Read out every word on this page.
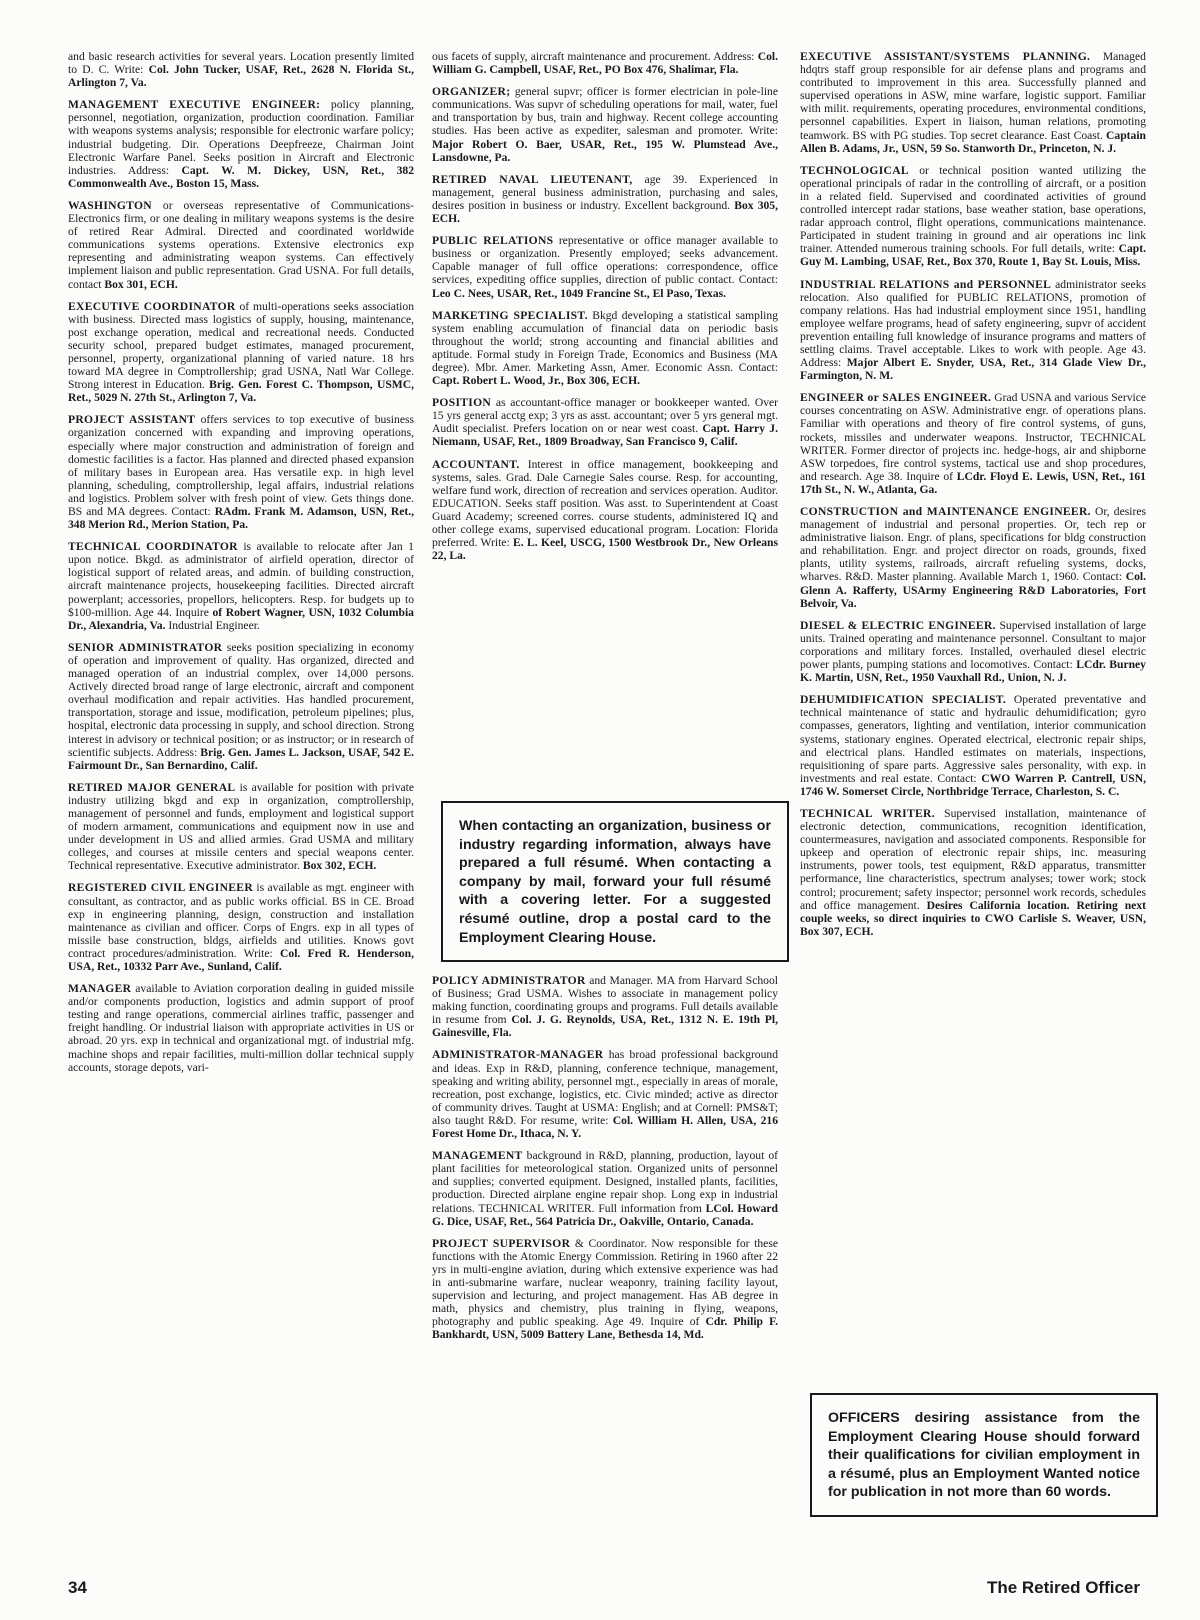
and basic research activities for several years. Location presently limited to D. C. Write: Col. John Tucker, USAF, Ret., 2628 N. Florida St., Arlington 7, Va.

MANAGEMENT EXECUTIVE ENGINEER: policy planning, personnel, negotiation, organization, production coordination. Familiar with weapons systems analysis; responsible for electronic warfare policy; industrial budgeting. Dir. Operations Deepfreeze, Chairman Joint Electronic Warfare Panel. Seeks position in Aircraft and Electronic industries. Address: Capt. W. M. Dickey, USN, Ret., 382 Commonwealth Ave., Boston 15, Mass.

WASHINGTON or overseas representative of Communications-Electronics firm, or one dealing in military weapons systems is the desire of retired Rear Admiral. Directed and coordinated worldwide communications systems operations. Extensive electronics exp representing and administrating weapon systems. Can effectively implement liaison and public representation. Grad USNA. For full details, contact Box 301, ECH.

EXECUTIVE COORDINATOR of multi-operations seeks association with business. Directed mass logistics of supply, housing, maintenance, post exchange operation, medical and recreational needs. Conducted security school, prepared budget estimates, managed procurement, personnel, property, organizational planning of varied nature. 18 hrs toward MA degree in Comptrollership; grad USNA, Natl War College. Strong interest in Education. Brig. Gen. Forest C. Thompson, USMC, Ret., 5029 N. 27th St., Arlington 7, Va.

PROJECT ASSISTANT offers services to top executive of business organization concerned with expanding and improving operations, especially where major construction and administration of foreign and domestic facilities is a factor. Has planned and directed phased expansion of military bases in European area. Has versatile exp. in high level planning, scheduling, comptrollership, legal affairs, industrial relations and logistics. Problem solver with fresh point of view. Gets things done. BS and MA degrees. Contact: RAdm. Frank M. Adamson, USN, Ret., 348 Merion Rd., Merion Station, Pa.

TECHNICAL COORDINATOR is available to relocate after Jan 1 upon notice. Bkgd. as administrator of airfield operation, director of logistical support of related areas, and admin. of building construction, aircraft maintenance projects, housekeeping facilities. Directed aircraft powerplant; accessories, propellors, helicopters. Resp. for budgets up to $100-million. Age 44. Inquire of Robert Wagner, USN, 1032 Columbia Dr., Alexandria, Va. Industrial Engineer.

SENIOR ADMINISTRATOR seeks position specializing in economy of operation and improvement of quality. Has organized, directed and managed operation of an industrial complex, over 14,000 persons. Actively directed broad range of large electronic, aircraft and component overhaul modification and repair activities. Has handled procurement, transportation, storage and issue, modification, petroleum pipelines; plus, hospital, electronic data processing in supply, and school direction. Strong interest in advisory or technical position; or as instructor; or in research of scientific subjects. Address: Brig. Gen. James L. Jackson, USAF, 542 E. Fairmount Dr., San Bernardino, Calif.

RETIRED MAJOR GENERAL is available for position with private industry utilizing bkgd and exp in organization, comptrollership, management of personnel and funds, employment and logistical support of modern armament, communications and equipment now in use and under development in US and allied armies. Grad USMA and military colleges, and courses at missile centers and special weapons center. Technical representative. Executive administrator. Box 302, ECH.

REGISTERED CIVIL ENGINEER is available as mgt. engineer with consultant, as contractor, and as public works official. BS in CE. Broad exp in engineering planning, design, construction and installation maintenance as civilian and officer. Corps of Engrs. exp in all types of missile base construction, bldgs, airfields and utilities. Knows govt contract procedures/administration. Write: Col. Fred R. Henderson, USA, Ret., 10332 Parr Ave., Sunland, Calif.

MANAGER available to Aviation corporation dealing in guided missile and/or components production, logistics and admin support of proof testing and range operations, commercial airlines traffic, passenger and freight handling. Or industrial liaison with appropriate activities in US or abroad. 20 yrs. exp in technical and organizational mgt. of industrial mfg. machine shops and repair facilities, multi-million dollar technical supply accounts, storage depots, vari-

ous facets of supply, aircraft maintenance and procurement. Address: Col. William G. Campbell, USAF, Ret., PO Box 476, Shalimar, Fla.

ORGANIZER; general supvr; officer is former electrician in pole-line communications. Was supvr of scheduling operations for mail, water, fuel and transportation by bus, train and highway. Recent college accounting studies. Has been active as expediter, salesman and promoter. Write: Major Robert O. Baer, USAR, Ret., 195 W. Plumstead Ave., Lansdowne, Pa.

RETIRED NAVAL LIEUTENANT, age 39. Experienced in management, general business administration, purchasing and sales, desires position in business or industry. Excellent background. Box 305, ECH.

PUBLIC RELATIONS representative or office manager available to business or organization. Presently employed; seeks advancement. Capable manager of full office operations: correspondence, office services, expediting office supplies, direction of public contact. Contact: Leo C. Nees, USAR, Ret., 1049 Francine St., El Paso, Texas.

MARKETING SPECIALIST. Bkgd developing a statistical sampling system enabling accumulation of financial data on periodic basis throughout the world; strong accounting and financial abilities and aptitude. Formal study in Foreign Trade, Economics and Business (MA degree). Mbr. Amer. Marketing Assn, Amer. Economic Assn. Contact: Capt. Robert L. Wood, Jr., Box 306, ECH.

POSITION as accountant-office manager or bookkeeper wanted. Over 15 yrs general acctg exp; 3 yrs as asst. accountant; over 5 yrs general mgt. Audit specialist. Prefers location on or near west coast. Capt. Harry J. Niemann, USAF, Ret., 1809 Broadway, San Francisco 9, Calif.

ACCOUNTANT. Interest in office management, bookkeeping and systems, sales. Grad. Dale Carnegie Sales course. Resp. for accounting, welfare fund work, direction of recreation and services operation. Auditor. EDUCATION. Seeks staff position. Was asst. to Superintendent at Coast Guard Academy; screened corres. course students, administered IQ and other college exams, supervised educational program. Location: Florida preferred. Write: E. L. Keel, USCG, 1500 Westbrook Dr., New Orleans 22, La.

POLICY ADMINISTRATOR and Manager. MA from Harvard School of Business; Grad USMA. Wishes to associate in management policy making function, coordinating groups and programs. Full details available in resume from Col. J. G. Reynolds, USA, Ret., 1312 N. E. 19th Pl, Gainesville, Fla.

ADMINISTRATOR-MANAGER has broad professional background and ideas. Exp in R&D, planning, conference technique, management, speaking and writing ability, personnel mgt., especially in areas of morale, recreation, post exchange, logistics, etc. Civic minded; active as director of community drives. Taught at USMA: English; and at Cornell: PMS&T; also taught R&D. For resume, write: Col. William H. Allen, USA, 216 Forest Home Dr., Ithaca, N. Y.

MANAGEMENT background in R&D, planning, production, layout of plant facilities for meteorological station. Organized units of personnel and supplies; converted equipment. Designed, installed plants, facilities, production. Directed airplane engine repair shop. Long exp in industrial relations. TECHNICAL WRITER. Full information from LCol. Howard G. Dice, USAF, Ret., 564 Patricia Dr., Oakville, Ontario, Canada.

PROJECT SUPERVISOR & Coordinator. Now responsible for these functions with the Atomic Energy Commission. Retiring in 1960 after 22 yrs in multi-engine aviation, during which extensive experience was had in anti-submarine warfare, nuclear weaponry, training facility layout, supervision and lecturing, and project management. Has AB degree in math, physics and chemistry, plus training in flying, weapons, photography and public speaking. Age 49. Inquire of Cdr. Philip F. Bankhardt, USN, 5009 Battery Lane, Bethesda 14, Md.

EXECUTIVE ASSISTANT/SYSTEMS PLANNING. Managed hdqtrs staff group responsible for air defense plans and programs and contributed to improvement in this area. Successfully planned and supervised operations in ASW, mine warfare, logistic support. Familiar with milit. requirements, operating procedures, environmental conditions, personnel capabilities. Expert in liaison, human relations, promoting teamwork. BS with PG studies. Top secret clearance. East Coast. Captain Allen B. Adams, Jr., USN, 59 So. Stanworth Dr., Princeton, N. J.

TECHNOLOGICAL or technical position wanted utilizing the operational principals of radar in the controlling of aircraft, or a position in a related field. Supervised and coordinated activities of ground controlled intercept radar stations, base weather station, base operations, radar approach control, flight operations, communications maintenance. Participated in student training in ground and air operations inc link trainer. Attended numerous training schools. For full details, write: Capt. Guy M. Lambing, USAF, Ret., Box 370, Route 1, Bay St. Louis, Miss.

INDUSTRIAL RELATIONS and PERSONNEL administrator seeks relocation. Also qualified for PUBLIC RELATIONS, promotion of company relations. Has had industrial employment since 1951, handling employee welfare programs, head of safety engineering, supvr of accident prevention entailing full knowledge of insurance programs and matters of settling claims. Travel acceptable. Likes to work with people. Age 43. Address: Major Albert E. Snyder, USA, Ret., 314 Glade View Dr., Farmington, N. M.

ENGINEER or SALES ENGINEER. Grad USNA and various Service courses concentrating on ASW. Administrative engr. of operations plans. Familiar with operations and theory of fire control systems, of guns, rockets, missiles and underwater weapons. Instructor, TECHNICAL WRITER. Former director of projects inc. hedge-hogs, air and shipborne ASW torpedoes, fire control systems, tactical use and shop procedures, and research. Age 38. Inquire of LCdr. Floyd E. Lewis, USN, Ret., 161 17th St., N. W., Atlanta, Ga.

CONSTRUCTION and MAINTENANCE ENGINEER. Or, desires management of industrial and personal properties. Or, tech rep or administrative liaison. Engr. of plans, specifications for bldg construction and rehabilitation. Engr. and project director on roads, grounds, fixed plants, utility systems, railroads, aircraft refueling systems, docks, wharves. R&D. Master planning. Available March 1, 1960. Contact: Col. Glenn A. Rafferty, USArmy Engineering R&D Laboratories, Fort Belvoir, Va.

DIESEL & ELECTRIC ENGINEER. Supervised installation of large units. Trained operating and maintenance personnel. Consultant to major corporations and military forces. Installed, overhauled diesel electric power plants, pumping stations and locomotives. Contact: LCdr. Burney K. Martin, USN, Ret., 1950 Vauxhall Rd., Union, N. J.

DEHUMIDIFICATION SPECIALIST. Operated preventative and technical maintenance of static and hydraulic dehumidification; gyro compasses, generators, lighting and ventilation, interior communication systems, stationary engines. Operated electrical, electronic repair ships, and electrical plans. Handled estimates on materials, inspections, requisitioning of spare parts. Aggressive sales personality, with exp. in investments and real estate. Contact: CWO Warren P. Cantrell, USN, 1746 W. Somerset Circle, Northbridge Terrace, Charleston, S. C.

TECHNICAL WRITER. Supervised installation, maintenance of electronic detection, communications, recognition identification, countermeasures, navigation and associated components. Responsible for upkeep and operation of electronic repair ships, inc. measuring instruments, power tools, test equipment, R&D apparatus, transmitter performance, line characteristics, spectrum analyses; tower work; stock control; procurement; safety inspector; personnel work records, schedules and office management. Desires California location. Retiring next couple weeks, so direct inquiries to CWO Carlisle S. Weaver, USN, Box 307, ECH.

When contacting an organization, business or industry regarding information, always have prepared a full résumé. When contacting a company by mail, forward your full résumé with a covering letter. For a suggested résumé outline, drop a postal card to the Employment Clearing House.
OFFICERS desiring assistance from the Employment Clearing House should forward their qualifications for civilian employment in a résumé, plus an Employment Wanted notice for publication in not more than 60 words.
34	The Retired Officer
